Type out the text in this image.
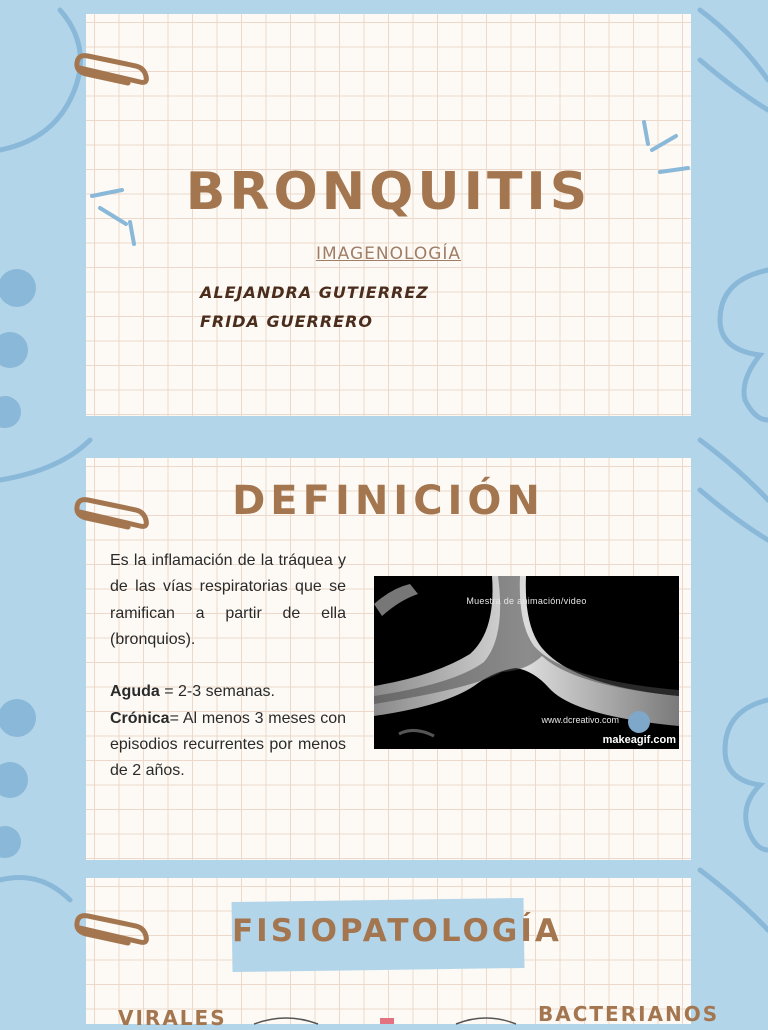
BRONQUITIS
IMAGENOLOGÍA
ALEJANDRA GUTIERREZ
FRIDA GUERRERO
DEFINICIÓN

Es la inflamación de la tráquea y de las vías respiratorias que se ramifican a partir de ella (bronquios).

Aguda = 2-3 semanas.
Crónica= Al menos 3 meses con episodios recurrentes por menos de 2 años.

Muestra de animación/video
www.dcreativo.com
makeagif.com
FISIOPATOLOGÍA
VIRALES	BACTERIANOS
